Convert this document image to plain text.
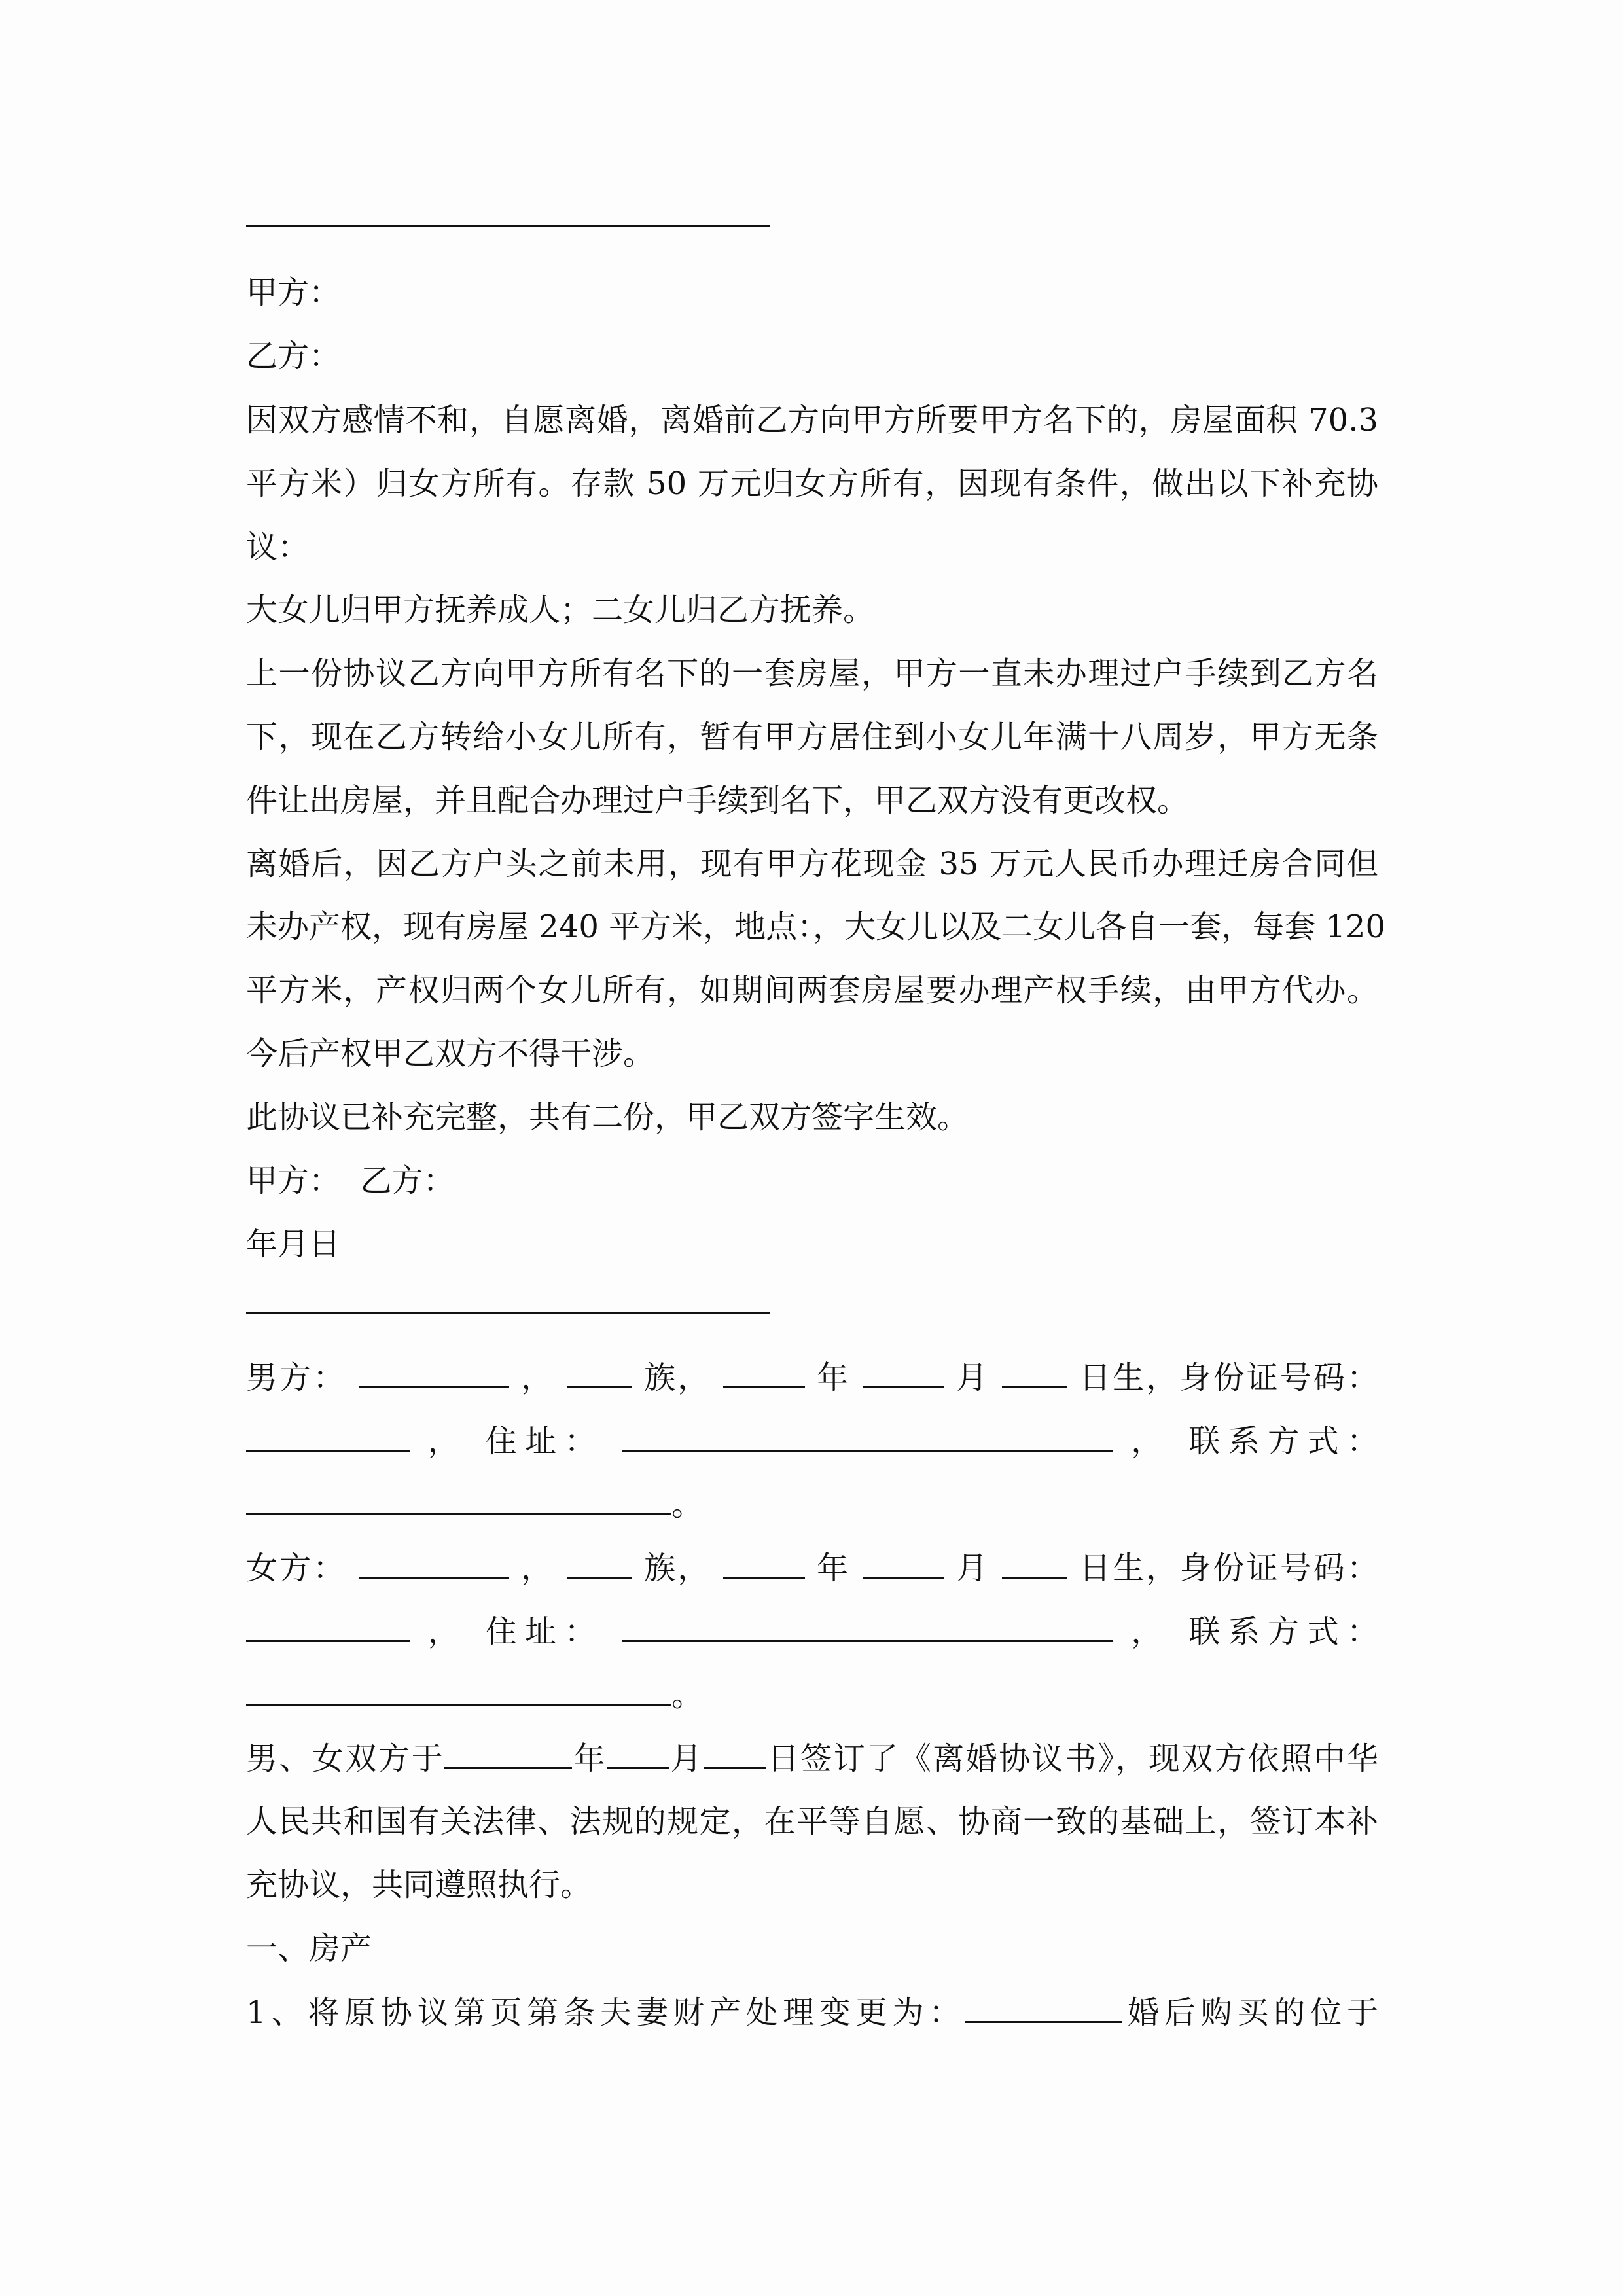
甲方：
乙方：
因双方感情不和，自愿离婚，离婚前乙方向甲方所要甲方名下的，房屋面积 70.3
平方米）归女方所有。存款 50 万元归女方所有，因现有条件，做出以下补充协
议：
大女儿归甲方抚养成人；二女儿归乙方抚养。
上一份协议乙方向甲方所有名下的一套房屋，甲方一直未办理过户手续到乙方名
下，现在乙方转给小女儿所有，暂有甲方居住到小女儿年满十八周岁，甲方无条
件让出房屋，并且配合办理过户手续到名下，甲乙双方没有更改权。
离婚后，因乙方户头之前未用，现有甲方花现金 35 万元人民币办理迁房合同但
未办产权，现有房屋 240 平方米，地点：，大女儿以及二女儿各自一套，每套 120
平方米，产权归两个女儿所有，如期间两套房屋要办理产权手续，由甲方代办。
今后产权甲乙双方不得干涉。
此协议已补充完整，共有二份，甲乙双方签字生效。
甲方：  乙方：
年月日
男方：	，	族，	年	月	日生，身份证号码：
， 住址：	， 联系方式：
。
女方：	，	族，	年	月	日生，身份证号码：
， 住址：	， 联系方式：
。
男、女双方于	年 月 日签订了《离婚协议书》，现双方依照中华
人民共和国有关法律、法规的规定，在平等自愿、协商一致的基础上，签订本补
充协议，共同遵照执行。
一、房产
1、将原协议第页第条夫妻财产处理变更为：	婚后购买的位于
